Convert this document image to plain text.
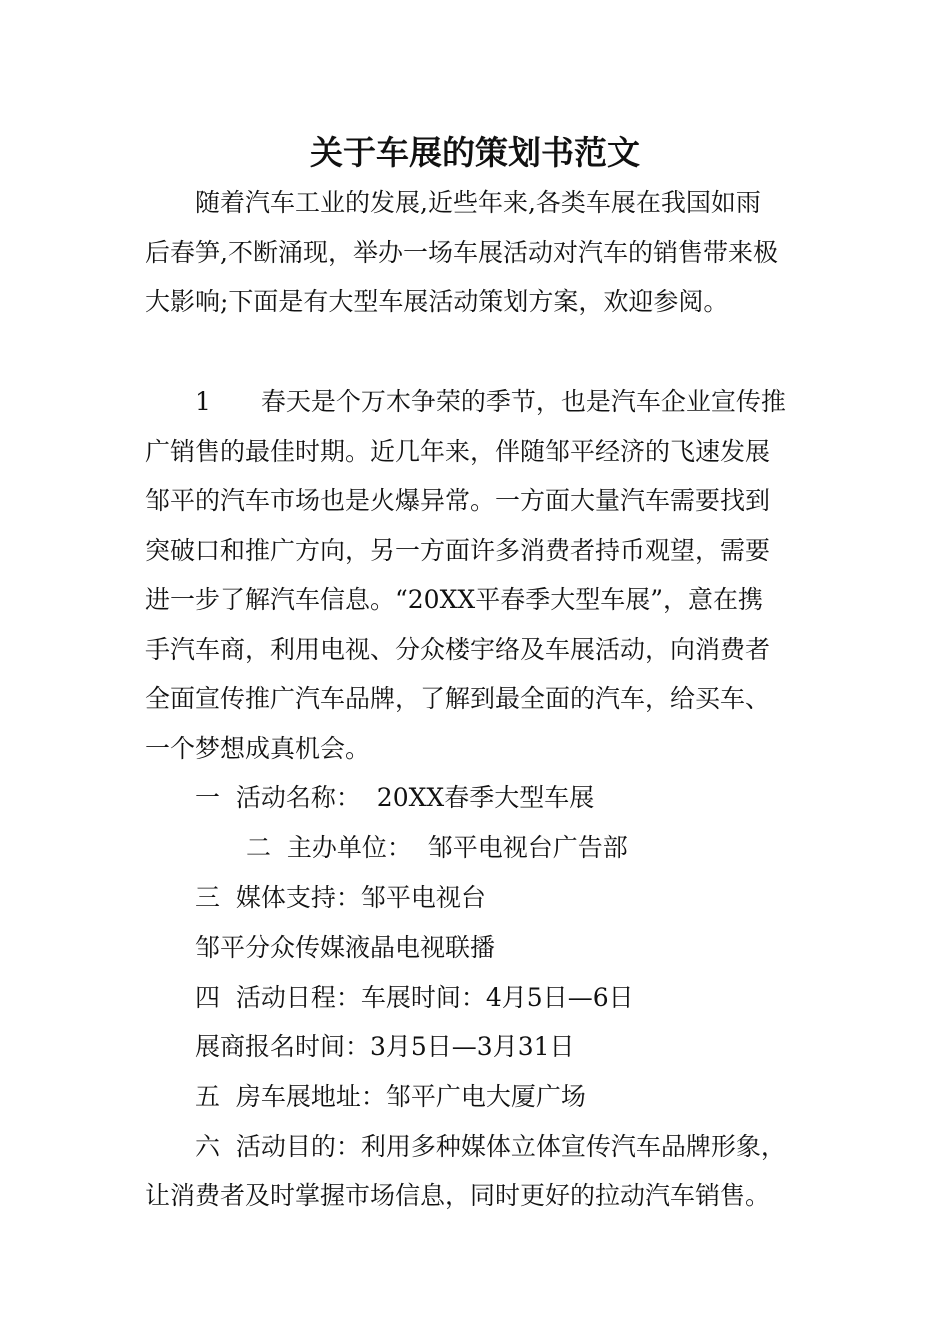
关于车展的策划书范文
　　随着汽车工业的发展,近些年来,各类车展在我国如雨
后春笋,不断涌现，举办一场车展活动对汽车的销售带来极
大影响;下面是有大型车展活动策划方案，欢迎参阅。
　　1　　春天是个万木争荣的季节，也是汽车企业宣传推
广销售的最佳时期。近几年来，伴随邹平经济的飞速发展
邹平的汽车市场也是火爆异常。一方面大量汽车需要找到
突破口和推广方向，另一方面许多消费者持币观望，需要
进一步了解汽车信息。“20XX平春季大型车展”，意在携
手汽车商，利用电视、分众楼宇络及车展活动，向消费者
全面宣传推广汽车品牌，了解到最全面的汽车，给买车、
一个梦想成真机会。
一  活动名称：  20XX春季大型车展
二  主办单位：  邹平电视台广告部
三  媒体支持：邹平电视台
邹平分众传媒液晶电视联播
四  活动日程：车展时间：4月5日—6日
展商报名时间：3月5日—3月31日
五  房车展地址：邹平广电大厦广场
六  活动目的：利用多种媒体立体宣传汽车品牌形象，
让消费者及时掌握市场信息，同时更好的拉动汽车销售。
